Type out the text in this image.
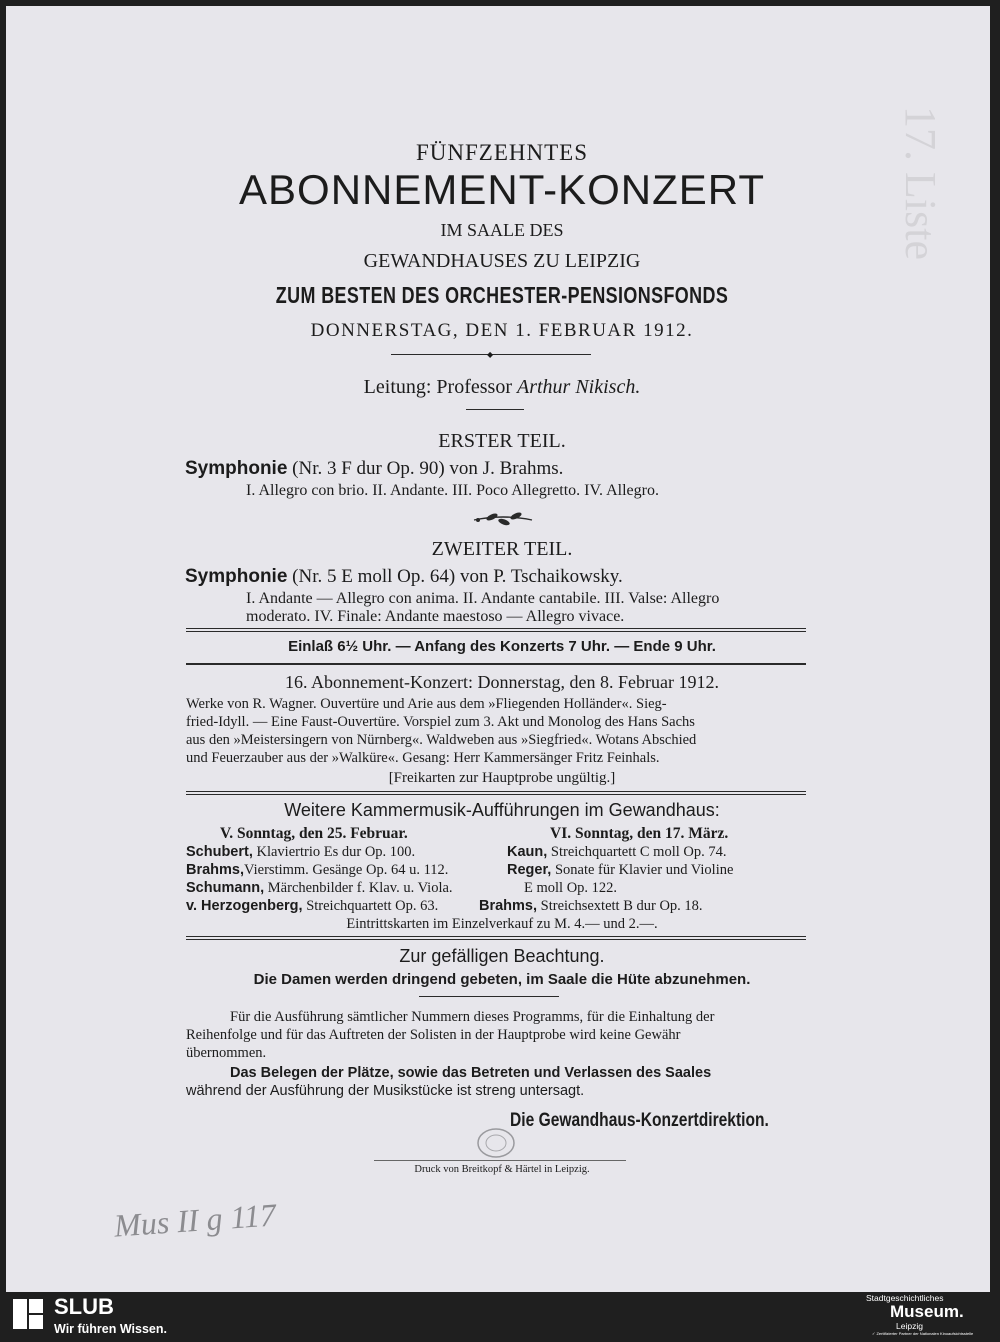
17. Liste
FÜNFZEHNTES
ABONNEMENT-KONZERT
IM SAALE DES
GEWANDHAUSES ZU LEIPZIG
ZUM BESTEN DES ORCHESTER-PENSIONSFONDS
DONNERSTAG, DEN 1. FEBRUAR 1912.
◆
Leitung: Professor Arthur Nikisch.
ERSTER TEIL.
Symphonie (Nr. 3 F dur Op. 90) von J. Brahms.
I. Allegro con brio. II. Andante. III. Poco Allegretto. IV. Allegro.
ZWEITER TEIL.
Symphonie (Nr. 5 E moll Op. 64) von P. Tschaikowsky.
I. Andante — Allegro con anima. II. Andante cantabile. III. Valse: Allegro
moderato. IV. Finale: Andante maestoso — Allegro vivace.
Einlaß 6½ Uhr. — Anfang des Konzerts 7 Uhr. — Ende 9 Uhr.
16. Abonnement-Konzert: Donnerstag, den 8. Februar 1912.
Werke von R. Wagner. Ouvertüre und Arie aus dem »Fliegenden Holländer«. Sieg-
fried-Idyll. — Eine Faust-Ouvertüre. Vorspiel zum 3. Akt und Monolog des Hans Sachs
aus den »Meistersingern von Nürnberg«. Waldweben aus »Siegfried«. Wotans Abschied
und Feuerzauber aus der »Walküre«. Gesang: Herr Kammersänger Fritz Feinhals.
[Freikarten zur Hauptprobe ungültig.]
Weitere Kammermusik-Aufführungen im Gewandhaus:
V. Sonntag, den 25. Februar.	VI. Sonntag, den 17. März.
Schubert, Klaviertrio Es dur Op. 100.
Brahms,Vierstimm. Gesänge Op. 64 u. 112.
Schumann, Märchenbilder f. Klav. u. Viola.
v. Herzogenberg, Streichquartett Op. 63.
Kaun, Streichquartett C moll Op. 74.
Reger, Sonate für Klavier und Violine
E moll Op. 122.
Brahms, Streichsextett B dur Op. 18.
Eintrittskarten im Einzelverkauf zu M. 4.— und 2.—.
Zur gefälligen Beachtung.
Die Damen werden dringend gebeten, im Saale die Hüte abzunehmen.
Für die Ausführung sämtlicher Nummern dieses Programms, für die Einhaltung der
Reihenfolge und für das Auftreten der Solisten in der Hauptprobe wird keine Gewähr
übernommen.
Das Belegen der Plätze, sowie das Betreten und Verlassen des Saales
während der Ausführung der Musikstücke ist streng untersagt.
Die Gewandhaus-Konzertdirektion.
Druck von Breitkopf & Härtel in Leipzig.
Mus II g 117
SLUB
Wir führen Wissen.
Stadtgeschichtliches
Museum.
Leipzig
✓ Zertifizierter Partner der Nationalen Kinoaufsichtsstelle
